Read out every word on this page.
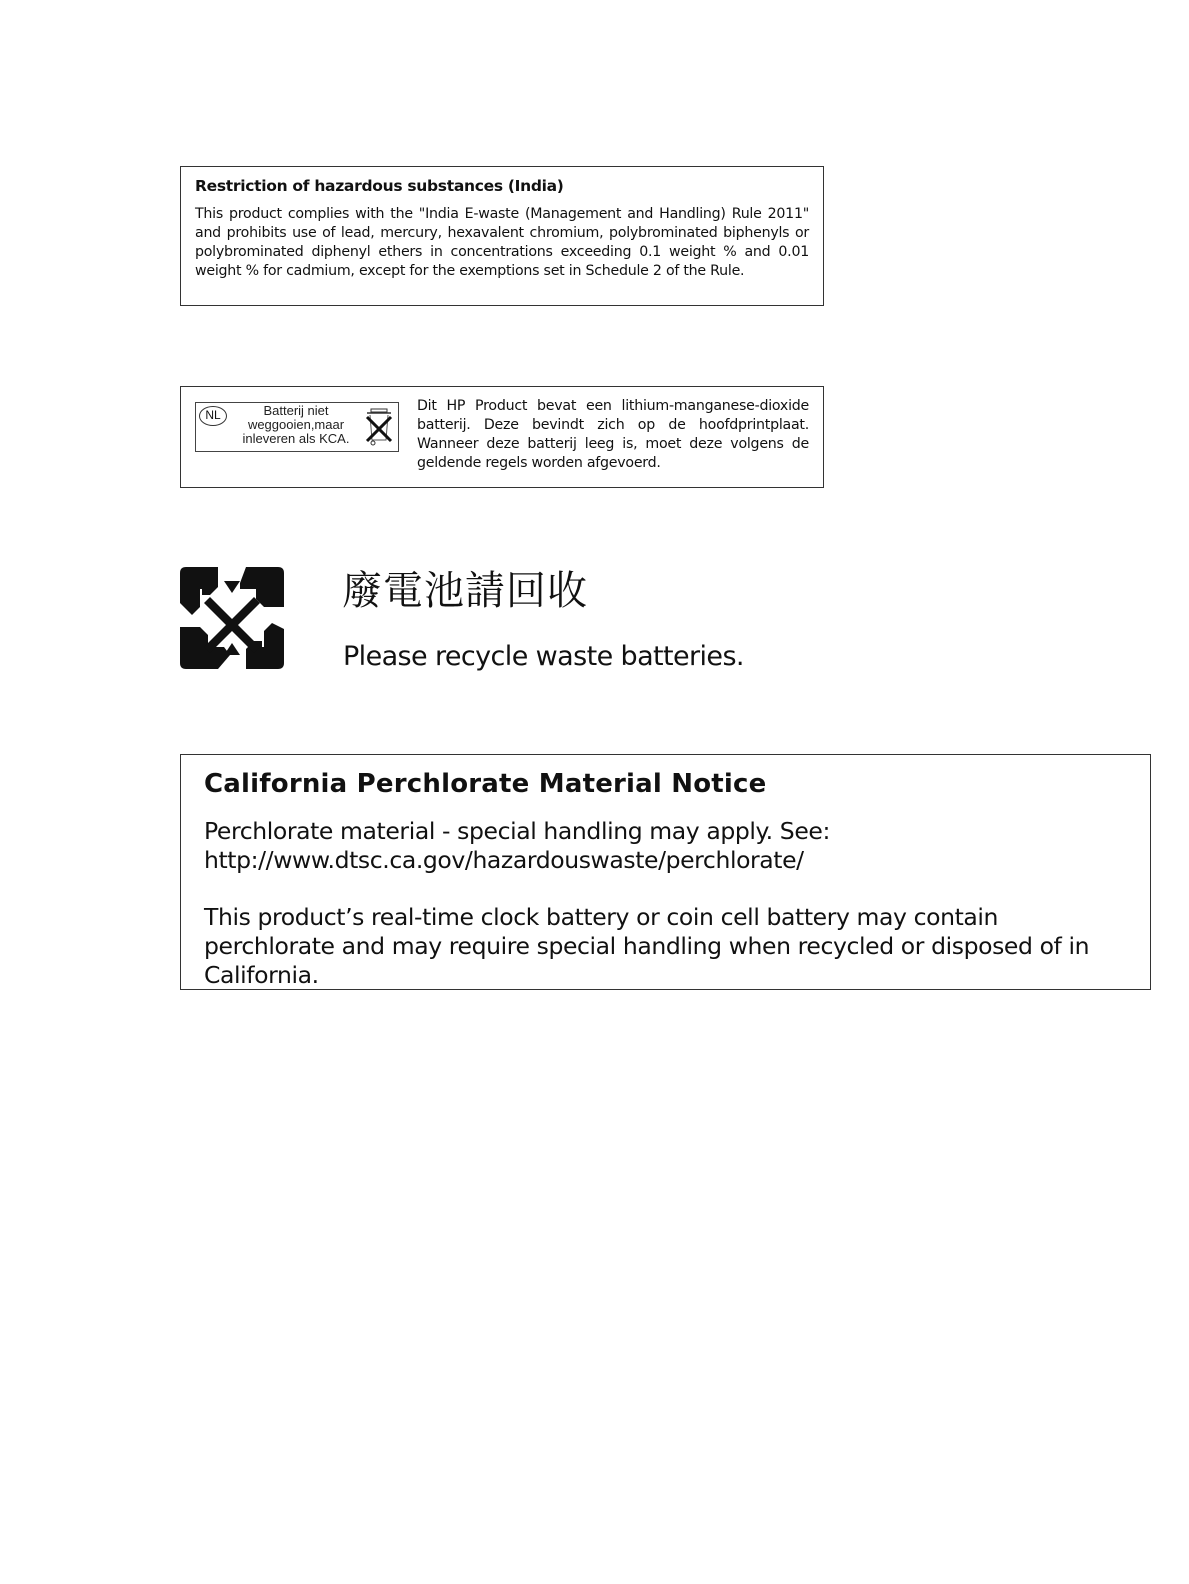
Restriction of hazardous substances (India)

This product complies with the "India E-waste (Management and Handling) Rule 2011" and prohibits use of lead, mercury, hexavalent chromium, polybrominated biphenyls or polybrominated diphenyl ethers in concentrations exceeding 0.1 weight % and 0.01 weight % for cadmium, except for the exemptions set in Schedule 2 of the Rule.

NL	Batterij niet
weggooien,maar
inleveren als KCA.

Dit HP Product bevat een lithium-manganese-dioxide batterij. Deze bevindt zich op de hoofdprintplaat. Wanneer deze batterij leeg is, moet deze volgens de geldende regels worden afgevoerd.

廢電池請回收
Please recycle waste batteries.

California Perchlorate Material Notice

Perchlorate material - special handling may apply. See:

http://www.dtsc.ca.gov/hazardouswaste/perchlorate/

This product’s real-time clock battery or coin cell battery may contain perchlorate and may require special handling when recycled or disposed of in California.
